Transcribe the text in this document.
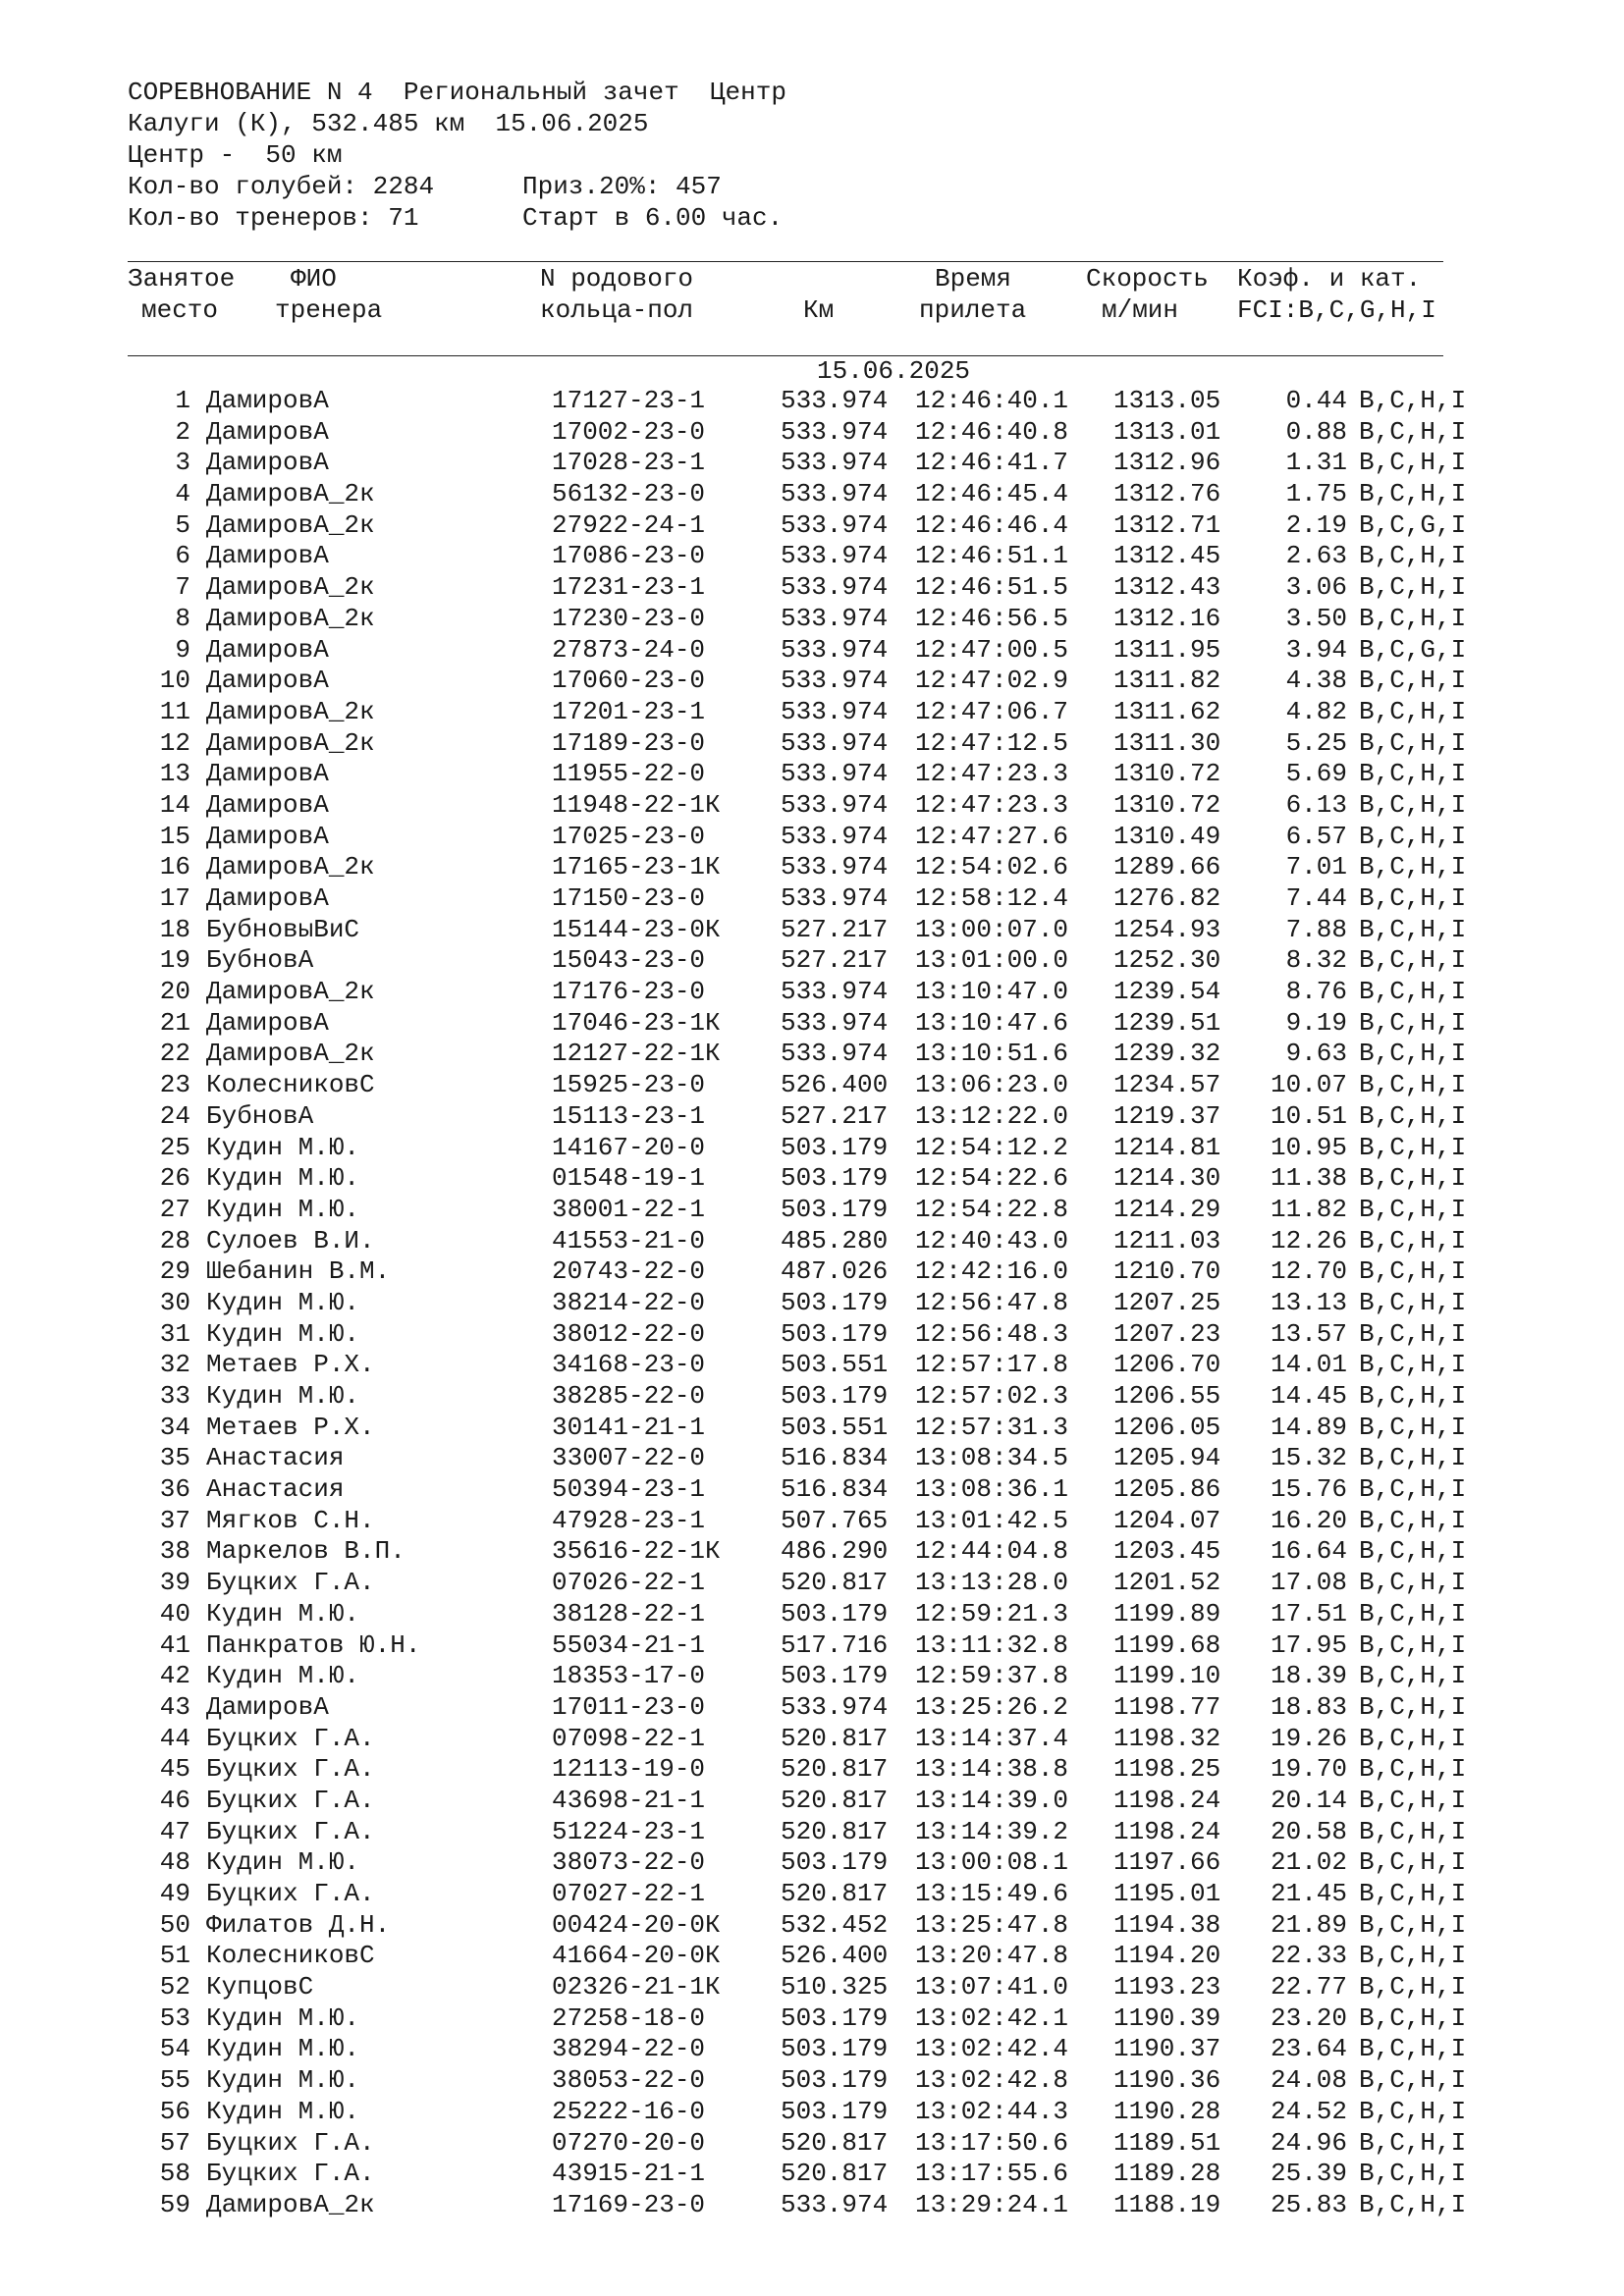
СОРЕВНОВАНИЕ N 4 Региональный зачет Центр
Калуги (К), 532.485 км  15.06.2025
Центр -  50 км
Кол-во голубей: 2284	Приз.20%: 457
Кол-во тренеров: 71	Старт в 6.00 час.
Занятое
место
ФИО
тренера
N родового
кольца-пол	Км
Время
прилета
Скорость
м/мин
Коэф. и кат.
FCI:B,C,G,H,I
15.06.2025
1 ДамировА	17127-23-1	533.974 12:46:40.1 1313.05	0.44 B,C,H,I
2 ДамировА	17002-23-0	533.974 12:46:40.8 1313.01	0.88 B,C,H,I
3 ДамировА	17028-23-1	533.974 12:46:41.7 1312.96	1.31 B,C,H,I
4 ДамировА_2к	56132-23-0	533.974 12:46:45.4 1312.76	1.75 B,C,H,I
5 ДамировА_2к	27922-24-1	533.974 12:46:46.4 1312.71	2.19 B,C,G,I
6 ДамировА	17086-23-0	533.974 12:46:51.1 1312.45	2.63 B,C,H,I
7 ДамировА_2к	17231-23-1	533.974 12:46:51.5 1312.43	3.06 B,C,H,I
8 ДамировА_2к	17230-23-0	533.974 12:46:56.5 1312.16	3.50 B,C,H,I
9 ДамировА	27873-24-0	533.974 12:47:00.5 1311.95	3.94 B,C,G,I
10 ДамировА	17060-23-0	533.974 12:47:02.9 1311.82	4.38 B,C,H,I
11 ДамировА_2к	17201-23-1	533.974 12:47:06.7 1311.62	4.82 B,C,H,I
12 ДамировА_2к	17189-23-0	533.974 12:47:12.5 1311.30	5.25 B,C,H,I
13 ДамировА	11955-22-0	533.974 12:47:23.3 1310.72	5.69 B,C,H,I
14 ДамировА	11948-22-1К 533.974 12:47:23.3 1310.72	6.13 B,C,H,I
15 ДамировА	17025-23-0	533.974 12:47:27.6 1310.49	6.57 B,C,H,I
16 ДамировА_2к	17165-23-1К 533.974 12:54:02.6 1289.66	7.01 B,C,H,I
17 ДамировА	17150-23-0	533.974 12:58:12.4 1276.82	7.44 B,C,H,I
18 БубновыВиС	15144-23-0К 527.217 13:00:07.0 1254.93	7.88 B,C,H,I
19 БубновА	15043-23-0	527.217 13:01:00.0 1252.30	8.32 B,C,H,I
20 ДамировА_2к	17176-23-0	533.974 13:10:47.0 1239.54	8.76 B,C,H,I
21 ДамировА	17046-23-1К 533.974 13:10:47.6 1239.51	9.19 B,C,H,I
22 ДамировА_2к	12127-22-1К 533.974 13:10:51.6 1239.32	9.63 B,C,H,I
23 КолесниковС	15925-23-0	526.400 13:06:23.0 1234.57	10.07 B,C,H,I
24 БубновА	15113-23-1	527.217 13:12:22.0 1219.37	10.51 B,C,H,I
25 Кудин М.Ю.	14167-20-0	503.179 12:54:12.2 1214.81	10.95 B,C,H,I
26 Кудин М.Ю.	01548-19-1	503.179 12:54:22.6 1214.30	11.38 B,C,H,I
27 Кудин М.Ю.	38001-22-1	503.179 12:54:22.8 1214.29	11.82 B,C,H,I
28 Сулоев В.И.	41553-21-0	485.280 12:40:43.0 1211.03	12.26 B,C,H,I
29 Шебанин В.М.	20743-22-0	487.026 12:42:16.0 1210.70	12.70 B,C,H,I
30 Кудин М.Ю.	38214-22-0	503.179 12:56:47.8 1207.25	13.13 B,C,H,I
31 Кудин М.Ю.	38012-22-0	503.179 12:56:48.3 1207.23	13.57 B,C,H,I
32 Метаев Р.Х.	34168-23-0	503.551 12:57:17.8 1206.70	14.01 B,C,H,I
33 Кудин М.Ю.	38285-22-0	503.179 12:57:02.3 1206.55	14.45 B,C,H,I
34 Метаев Р.Х.	30141-21-1	503.551 12:57:31.3 1206.05	14.89 B,C,H,I
35 Анастасия	33007-22-0	516.834 13:08:34.5 1205.94	15.32 B,C,H,I
36 Анастасия	50394-23-1	516.834 13:08:36.1 1205.86	15.76 B,C,H,I
37 Мягков С.Н.	47928-23-1	507.765 13:01:42.5 1204.07	16.20 B,C,H,I
38 Маркелов В.П.	35616-22-1К 486.290 12:44:04.8 1203.45	16.64 B,C,H,I
39 Буцких Г.А.	07026-22-1	520.817 13:13:28.0 1201.52	17.08 B,C,H,I
40 Кудин М.Ю.	38128-22-1	503.179 12:59:21.3 1199.89	17.51 B,C,H,I
41 Панкратов Ю.Н.	55034-21-1	517.716 13:11:32.8 1199.68	17.95 B,C,H,I
42 Кудин М.Ю.	18353-17-0	503.179 12:59:37.8 1199.10	18.39 B,C,H,I
43 ДамировА	17011-23-0	533.974 13:25:26.2 1198.77	18.83 B,C,H,I
44 Буцких Г.А.	07098-22-1	520.817 13:14:37.4 1198.32	19.26 B,C,H,I
45 Буцких Г.А.	12113-19-0	520.817 13:14:38.8 1198.25	19.70 B,C,H,I
46 Буцких Г.А.	43698-21-1	520.817 13:14:39.0 1198.24	20.14 B,C,H,I
47 Буцких Г.А.	51224-23-1	520.817 13:14:39.2 1198.24	20.58 B,C,H,I
48 Кудин М.Ю.	38073-22-0	503.179 13:00:08.1 1197.66	21.02 B,C,H,I
49 Буцких Г.А.	07027-22-1	520.817 13:15:49.6 1195.01	21.45 B,C,H,I
50 Филатов Д.Н.	00424-20-0К 532.452 13:25:47.8 1194.38	21.89 B,C,H,I
51 КолесниковС	41664-20-0К 526.400 13:20:47.8 1194.20	22.33 B,C,H,I
52 КупцовС	02326-21-1К 510.325 13:07:41.0 1193.23	22.77 B,C,H,I
53 Кудин М.Ю.	27258-18-0	503.179 13:02:42.1 1190.39	23.20 B,C,H,I
54 Кудин М.Ю.	38294-22-0	503.179 13:02:42.4 1190.37	23.64 B,C,H,I
55 Кудин М.Ю.	38053-22-0	503.179 13:02:42.8 1190.36	24.08 B,C,H,I
56 Кудин М.Ю.	25222-16-0	503.179 13:02:44.3 1190.28	24.52 B,C,H,I
57 Буцких Г.А.	07270-20-0	520.817 13:17:50.6 1189.51	24.96 B,C,H,I
58 Буцких Г.А.	43915-21-1	520.817 13:17:55.6 1189.28	25.39 B,C,H,I
59 ДамировА_2к	17169-23-0	533.974 13:29:24.1 1188.19	25.83 B,C,H,I
